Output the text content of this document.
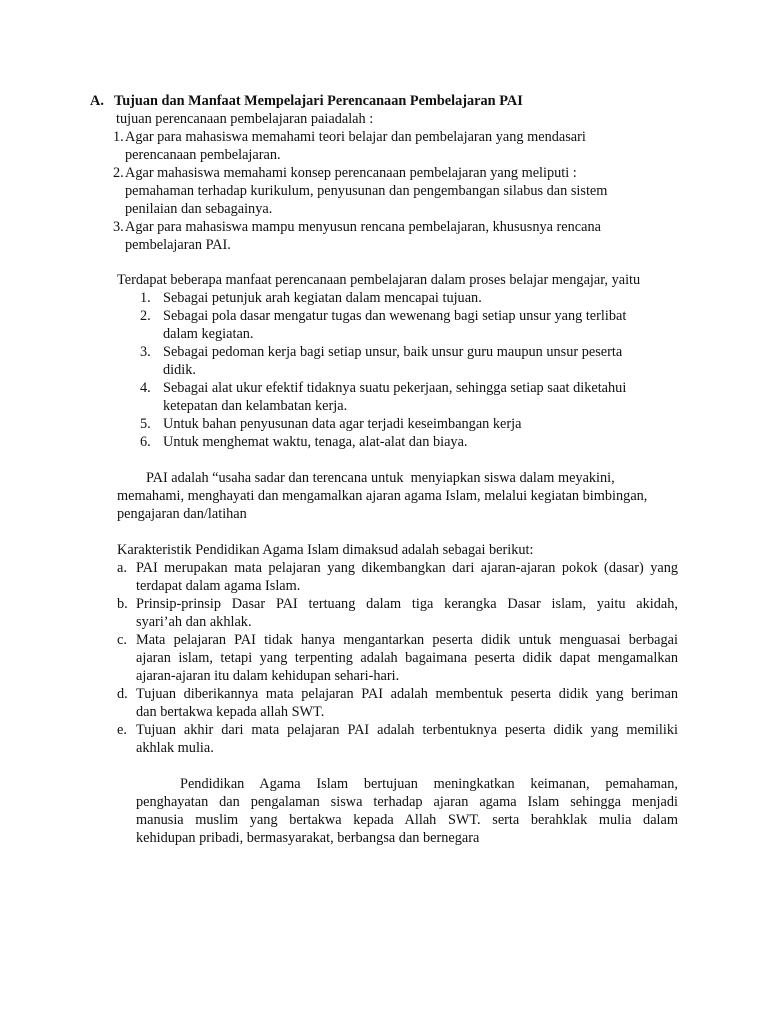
A. Tujuan dan Manfaat Mempelajari Perencanaan Pembelajaran PAI
tujuan perencanaan pembelajaran paiadalah :
1. Agar para mahasiswa memahami teori belajar dan pembelajaran yang mendasari
perencanaan pembelajaran.
2. Agar mahasiswa memahami konsep perencanaan pembelajaran yang meliputi :
pemahaman terhadap kurikulum, penyusunan dan pengembangan silabus dan sistem
penilaian dan sebagainya.
3. Agar para mahasiswa mampu menyusun rencana pembelajaran, khususnya rencana
pembelajaran PAI.
Terdapat beberapa manfaat perencanaan pembelajaran dalam proses belajar mengajar, yaitu
1. Sebagai petunjuk arah kegiatan dalam mencapai tujuan.
2. Sebagai pola dasar mengatur tugas dan wewenang bagi setiap unsur yang terlibat
dalam kegiatan.
3. Sebagai pedoman kerja bagi setiap unsur, baik unsur guru maupun unsur peserta
didik.
4. Sebagai alat ukur efektif tidaknya suatu pekerjaan, sehingga setiap saat diketahui
ketepatan dan kelambatan kerja.
5. Untuk bahan penyusunan data agar terjadi keseimbangan kerja
6. Untuk menghemat waktu, tenaga, alat-alat dan biaya.
PAI adalah “usaha sadar dan terencana untuk  menyiapkan siswa dalam meyakini,
memahami, menghayati dan mengamalkan ajaran agama Islam, melalui kegiatan bimbingan,
pengajaran dan/latihan
Karakteristik Pendidikan Agama Islam dimaksud adalah sebagai berikut:
a. PAI merupakan mata pelajaran yang dikembangkan dari ajaran-ajaran pokok (dasar) yang
terdapat dalam agama Islam.
b. Prinsip-prinsip Dasar PAI tertuang dalam tiga kerangka Dasar islam, yaitu akidah,
syari’ah dan akhlak.
c. Mata pelajaran PAI tidak hanya mengantarkan peserta didik untuk menguasai berbagai
ajaran islam, tetapi yang terpenting adalah bagaimana peserta didik dapat mengamalkan
ajaran-ajaran itu dalam kehidupan sehari-hari.
d. Tujuan diberikannya mata pelajaran PAI adalah membentuk peserta didik yang beriman
dan bertakwa kepada allah SWT.
e. Tujuan akhir dari mata pelajaran PAI adalah terbentuknya peserta didik yang memiliki
akhlak mulia.
Pendidikan Agama Islam bertujuan meningkatkan keimanan, pemahaman,
penghayatan dan pengalaman siswa terhadap ajaran agama Islam sehingga menjadi
manusia muslim yang bertakwa kepada Allah SWT. serta berahklak mulia dalam
kehidupan pribadi, bermasyarakat, berbangsa dan bernegara
